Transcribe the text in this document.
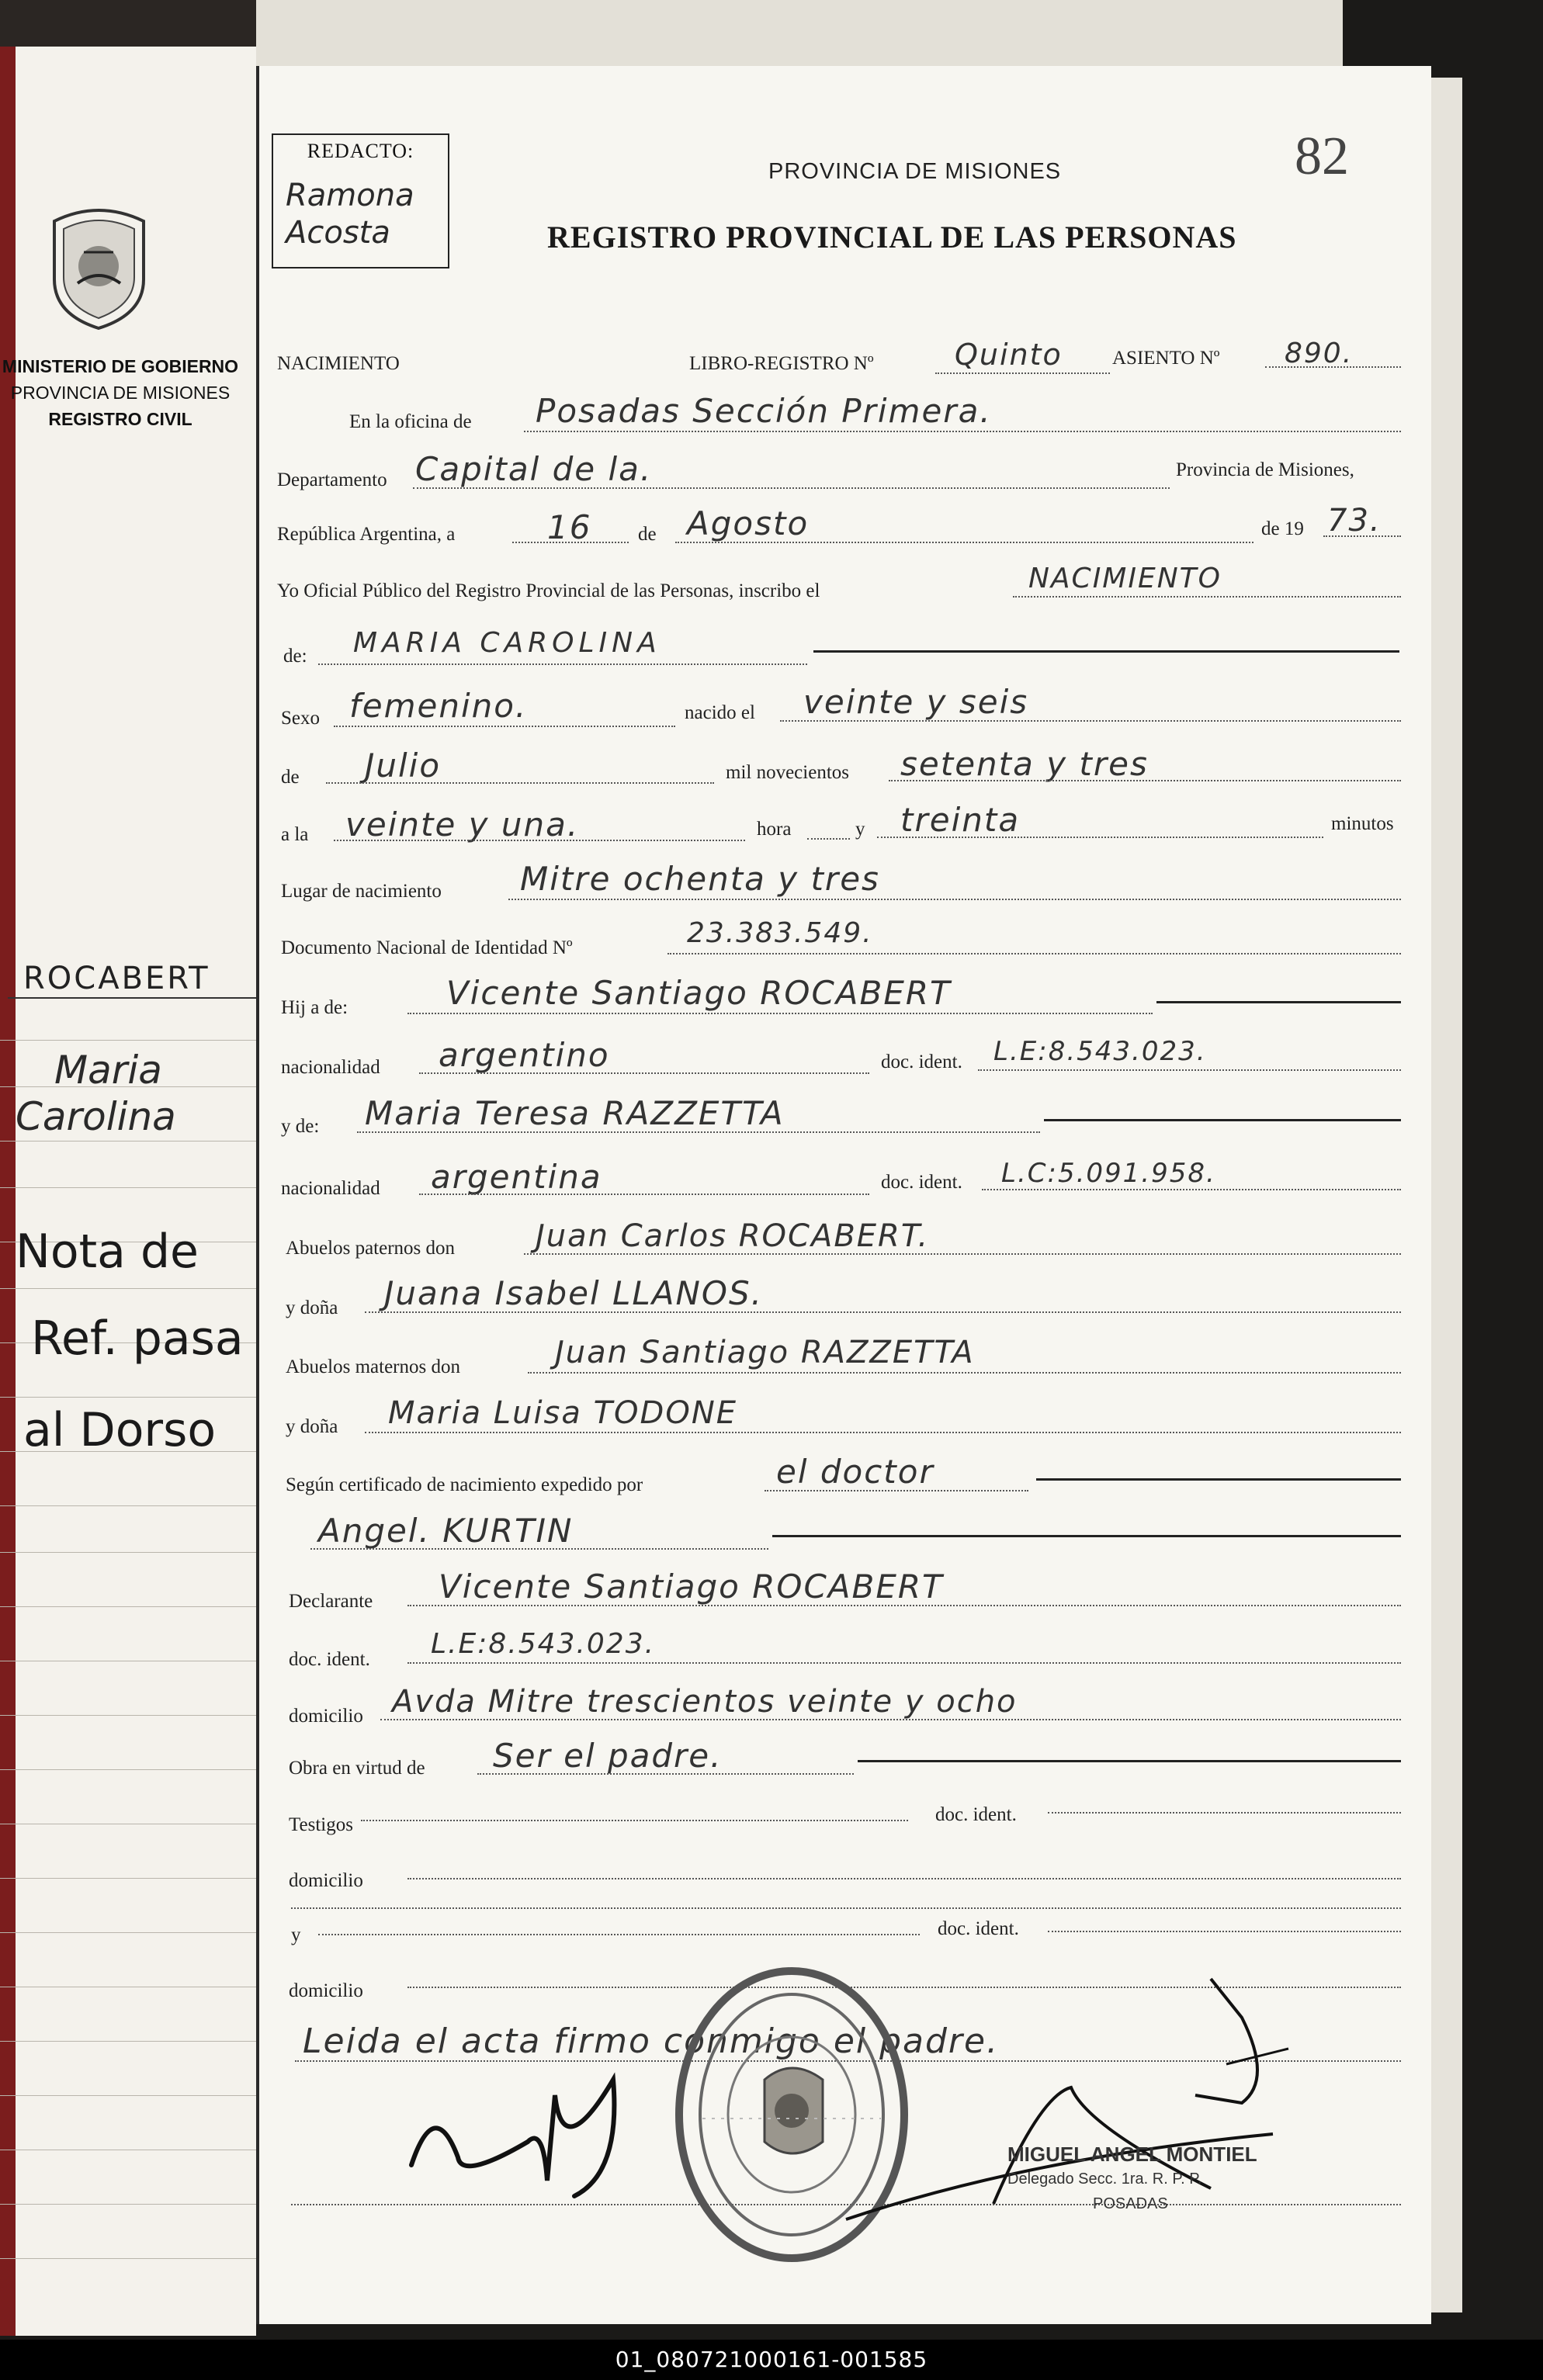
MINISTERIO DE GOBIERNO
PROVINCIA DE MISIONES
REGISTRO CIVIL
ROCABERT
Maria
Carolina
Nota de
Ref. pasa
al Dorso
REDACTO:
Ramona
Acosta
82
PROVINCIA DE MISIONES
REGISTRO PROVINCIAL DE LAS PERSONAS
NACIMIENTO	LIBRO-REGISTRO Nº	Quinto	ASIENTO Nº 890.
En la oficina de Posadas Sección Primera.
Departamento Capital de la.	Provincia de Misiones,
República Argentina, a	16 de Agosto	de 19 73.
Yo Oficial Público del Registro Provincial de las Personas, inscribo el	NACIMIENTO
de: MARIA CAROLINA
Sexo femenino.	nacido el veinte y seis
de Julio	mil novecientos setenta y tres
a la veinte y una.	hora	y treinta	minutos
Lugar de nacimiento Mitre ochenta y tres
Documento Nacional de Identidad Nº	23.383.549.
Hij a de:	Vicente Santiago ROCABERT
nacionalidad argentino	doc. ident. L.E:8.543.023.
y de: Maria Teresa RAZZETTA
nacionalidad argentina	doc. ident. L.C:5.091.958.
Abuelos paternos don	Juan Carlos ROCABERT.
y doña Juana Isabel LLANOS.
Abuelos maternos don	Juan Santiago RAZZETTA
y doña Maria Luisa TODONE
Según certificado de nacimiento expedido por	el doctor
Angel. KURTIN
Declarante Vicente Santiago ROCABERT
doc. ident. L.E:8.543.023.
domicilio Avda Mitre trescientos veinte y ocho
Obra en virtud de Ser el padre.
Testigos	doc. ident.
domicilio
y	doc. ident.
domicilio
Leida el acta firmo conmigo el padre.
MIGUEL ANGEL MONTIEL
Delegado Secc. 1ra. R. P. P.
POSADAS
01_080721000161-001585
